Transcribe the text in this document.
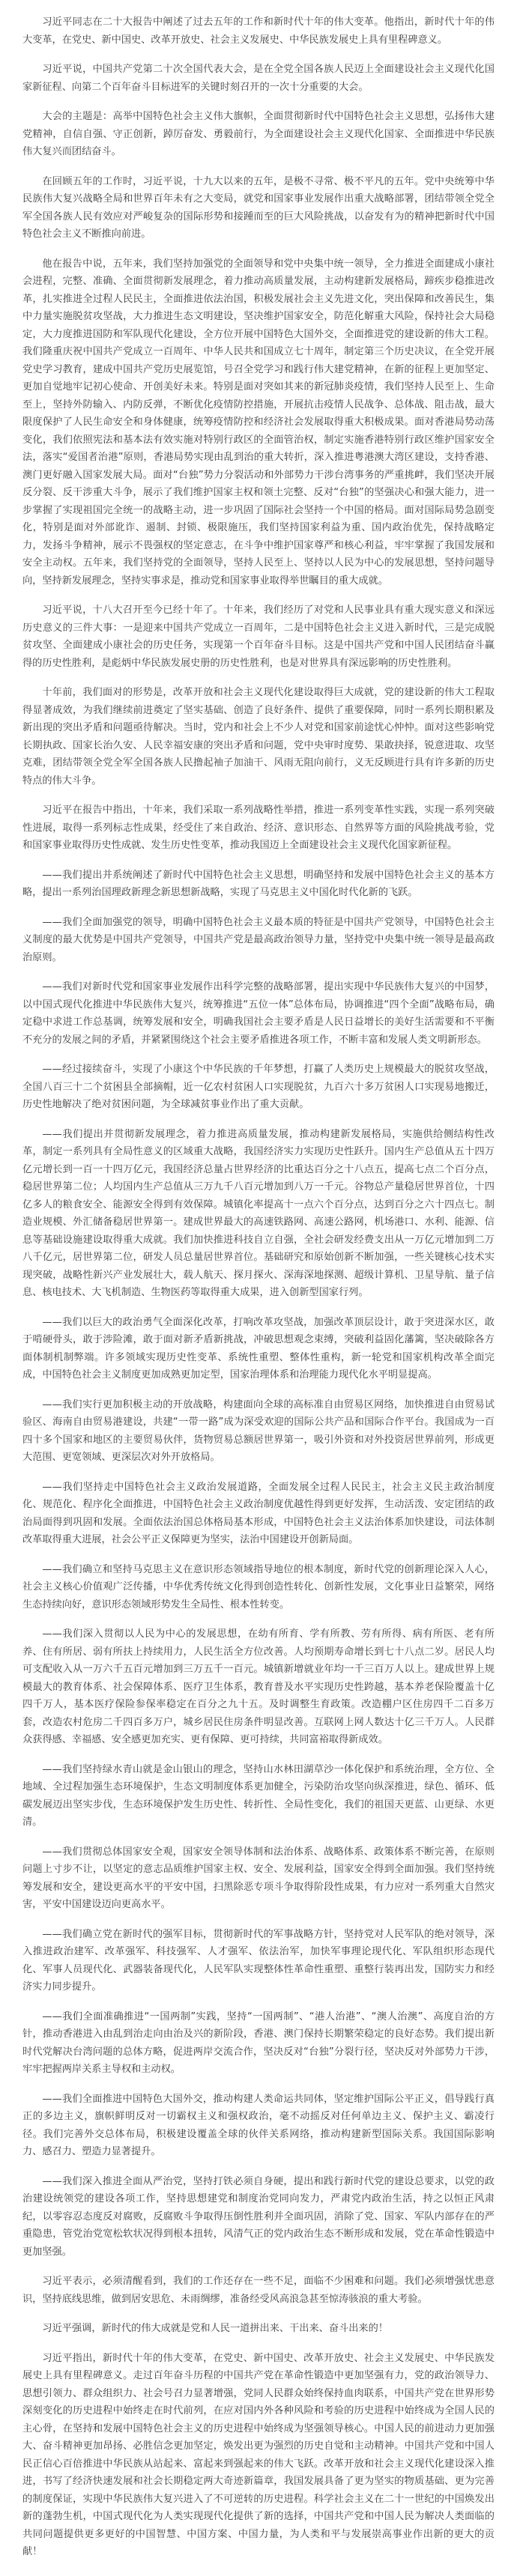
习近平同志在二十大报告中阐述了过去五年的工作和新时代十年的伟大变革。他指出，新时代十年的伟大变革，在党史、新中国史、改革开放史、社会主义发展史、中华民族发展史上具有里程碑意义。

习近平说，中国共产党第二十次全国代表大会，是在全党全国各族人民迈上全面建设社会主义现代化国家新征程、向第二个百年奋斗目标进军的关键时刻召开的一次十分重要的大会。

大会的主题是：高举中国特色社会主义伟大旗帜，全面贯彻新时代中国特色社会主义思想，弘扬伟大建党精神，自信自强、守正创新，踔厉奋发、勇毅前行，为全面建设社会主义现代化国家、全面推进中华民族伟大复兴而团结奋斗。

在回顾五年的工作时，习近平说，十九大以来的五年，是极不寻常、极不平凡的五年。党中央统筹中华民族伟大复兴战略全局和世界百年未有之大变局，就党和国家事业发展作出重大战略部署，团结带领全党全军全国各族人民有效应对严峻复杂的国际形势和接踵而至的巨大风险挑战，以奋发有为的精神把新时代中国特色社会主义不断推向前进。

他在报告中说，五年来，我们坚持加强党的全面领导和党中央集中统一领导，全力推进全面建成小康社会进程，完整、准确、全面贯彻新发展理念，着力推动高质量发展，主动构建新发展格局，蹄疾步稳推进改革，扎实推进全过程人民民主，全面推进依法治国，积极发展社会主义先进文化，突出保障和改善民生，集中力量实施脱贫攻坚战，大力推进生态文明建设，坚决维护国家安全，防范化解重大风险，保持社会大局稳定，大力度推进国防和军队现代化建设，全方位开展中国特色大国外交，全面推进党的建设新的伟大工程。我们隆重庆祝中国共产党成立一百周年、中华人民共和国成立七十周年，制定第三个历史决议，在全党开展党史学习教育，建成中国共产党历史展览馆，号召全党学习和践行伟大建党精神，在新的征程上更加坚定、更加自觉地牢记初心使命、开创美好未来。特别是面对突如其来的新冠肺炎疫情，我们坚持人民至上、生命至上，坚持外防输入、内防反弹，不断优化疫情防控措施，开展抗击疫情人民战争、总体战、阻击战，最大限度保护了人民生命安全和身体健康，统筹疫情防控和经济社会发展取得重大积极成果。面对香港局势动荡变化，我们依照宪法和基本法有效实施对特别行政区的全面管治权，制定实施香港特别行政区维护国家安全法，落实“爱国者治港”原则，香港局势实现由乱到治的重大转折，深入推进粤港澳大湾区建设，支持香港、澳门更好融入国家发展大局。面对“台独”势力分裂活动和外部势力干涉台湾事务的严重挑衅，我们坚决开展反分裂、反干涉重大斗争，展示了我们维护国家主权和领土完整、反对“台独”的坚强决心和强大能力，进一步掌握了实现祖国完全统一的战略主动，进一步巩固了国际社会坚持一个中国的格局。面对国际局势急剧变化，特别是面对外部讹诈、遏制、封锁、极限施压，我们坚持国家利益为重、国内政治优先，保持战略定力，发扬斗争精神，展示不畏强权的坚定意志，在斗争中维护国家尊严和核心利益，牢牢掌握了我国发展和安全主动权。五年来，我们坚持党的全面领导，坚持人民至上、坚持以人民为中心的发展思想，坚持问题导向，坚持新发展理念，坚持实事求是，推动党和国家事业取得举世瞩目的重大成就。

习近平说，十八大召开至今已经十年了。十年来，我们经历了对党和人民事业具有重大现实意义和深远历史意义的三件大事：一是迎来中国共产党成立一百周年，二是中国特色社会主义进入新时代，三是完成脱贫攻坚、全面建成小康社会的历史任务，实现第一个百年奋斗目标。这是中国共产党和中国人民团结奋斗赢得的历史性胜利，是彪炳中华民族发展史册的历史性胜利，也是对世界具有深远影响的历史性胜利。

十年前，我们面对的形势是，改革开放和社会主义现代化建设取得巨大成就，党的建设新的伟大工程取得显著成效，为我们继续前进奠定了坚实基础、创造了良好条件、提供了重要保障，同时一系列长期积累及新出现的突出矛盾和问题亟待解决。当时，党内和社会上不少人对党和国家前途忧心忡忡。面对这些影响党长期执政、国家长治久安、人民幸福安康的突出矛盾和问题，党中央审时度势、果敢抉择，锐意进取、攻坚克难，团结带领全党全军全国各族人民撸起袖子加油干、风雨无阻向前行，义无反顾进行具有许多新的历史特点的伟大斗争。

习近平在报告中指出，十年来，我们采取一系列战略性举措，推进一系列变革性实践，实现一系列突破性进展，取得一系列标志性成果，经受住了来自政治、经济、意识形态、自然界等方面的风险挑战考验，党和国家事业取得历史性成就、发生历史性变革，推动我国迈上全面建设社会主义现代化国家新征程。

——我们提出并系统阐述了新时代中国特色社会主义思想，明确坚持和发展中国特色社会主义的基本方略，提出一系列治国理政新理念新思想新战略，实现了马克思主义中国化时代化新的飞跃。

——我们全面加强党的领导，明确中国特色社会主义最本质的特征是中国共产党领导，中国特色社会主义制度的最大优势是中国共产党领导，中国共产党是最高政治领导力量，坚持党中央集中统一领导是最高政治原则。

——我们对新时代党和国家事业发展作出科学完整的战略部署，提出实现中华民族伟大复兴的中国梦，以中国式现代化推进中华民族伟大复兴，统筹推进“五位一体”总体布局，协调推进“四个全面”战略布局，确定稳中求进工作总基调，统筹发展和安全，明确我国社会主要矛盾是人民日益增长的美好生活需要和不平衡不充分的发展之间的矛盾，并紧紧围绕这个社会主要矛盾推进各项工作，不断丰富和发展人类文明新形态。

——经过接续奋斗，实现了小康这个中华民族的千年梦想，打赢了人类历史上规模最大的脱贫攻坚战，全国八百三十二个贫困县全部摘帽，近一亿农村贫困人口实现脱贫，九百六十多万贫困人口实现易地搬迁，历史性地解决了绝对贫困问题，为全球减贫事业作出了重大贡献。

——我们提出并贯彻新发展理念，着力推进高质量发展，推动构建新发展格局，实施供给侧结构性改革，制定一系列具有全局性意义的区域重大战略，我国经济实力实现历史性跃升。国内生产总值从五十四万亿元增长到一百一十四万亿元，我国经济总量占世界经济的比重达百分之十八点五，提高七点二个百分点，稳居世界第二位；人均国内生产总值从三万九千八百元增加到八万一千元。谷物总产量稳居世界首位，十四亿多人的粮食安全、能源安全得到有效保障。城镇化率提高十一点六个百分点，达到百分之六十四点七。制造业规模、外汇储备稳居世界第一。建成世界最大的高速铁路网、高速公路网，机场港口、水利、能源、信息等基础设施建设取得重大成就。我们加快推进科技自立自强，全社会研发经费支出从一万亿元增加到二万八千亿元，居世界第二位，研发人员总量居世界首位。基础研究和原始创新不断加强，一些关键核心技术实现突破，战略性新兴产业发展壮大，载人航天、探月探火、深海深地探测、超级计算机、卫星导航、量子信息、核电技术、大飞机制造、生物医药等取得重大成果，进入创新型国家行列。

——我们以巨大的政治勇气全面深化改革，打响改革攻坚战，加强改革顶层设计，敢于突进深水区，敢于啃硬骨头，敢于涉险滩，敢于面对新矛盾新挑战，冲破思想观念束缚，突破利益固化藩篱，坚决破除各方面体制机制弊端。许多领域实现历史性变革、系统性重塑、整体性重构，新一轮党和国家机构改革全面完成，中国特色社会主义制度更加成熟更加定型，国家治理体系和治理能力现代化水平明显提高。

——我们实行更加积极主动的开放战略，构建面向全球的高标准自由贸易区网络，加快推进自由贸易试验区、海南自由贸易港建设，共建“一带一路”成为深受欢迎的国际公共产品和国际合作平台。我国成为一百四十多个国家和地区的主要贸易伙伴，货物贸易总额居世界第一，吸引外资和对外投资居世界前列，形成更大范围、更宽领域、更深层次对外开放格局。

——我们坚持走中国特色社会主义政治发展道路，全面发展全过程人民民主，社会主义民主政治制度化、规范化、程序化全面推进，中国特色社会主义政治制度优越性得到更好发挥，生动活泼、安定团结的政治局面得到巩固和发展。全面依法治国总体格局基本形成，中国特色社会主义法治体系加快建设，司法体制改革取得重大进展，社会公平正义保障更为坚实，法治中国建设开创新局面。

——我们确立和坚持马克思主义在意识形态领域指导地位的根本制度，新时代党的创新理论深入人心，社会主义核心价值观广泛传播，中华优秀传统文化得到创造性转化、创新性发展，文化事业日益繁荣，网络生态持续向好，意识形态领域形势发生全局性、根本性转变。

——我们深入贯彻以人民为中心的发展思想，在幼有所育、学有所教、劳有所得、病有所医、老有所养、住有所居、弱有所扶上持续用力，人民生活全方位改善。人均预期寿命增长到七十八点二岁。居民人均可支配收入从一万六千五百元增加到三万五千一百元。城镇新增就业年均一千三百万人以上。建成世界上规模最大的教育体系、社会保障体系、医疗卫生体系，教育普及水平实现历史性跨越，基本养老保险覆盖十亿四千万人，基本医疗保险参保率稳定在百分之九十五。及时调整生育政策。改造棚户区住房四千二百多万套，改造农村危房二千四百多万户，城乡居民住房条件明显改善。互联网上网人数达十亿三千万人。人民群众获得感、幸福感、安全感更加充实、更有保障、更可持续，共同富裕取得新成效。

——我们坚持绿水青山就是金山银山的理念，坚持山水林田湖草沙一体化保护和系统治理，全方位、全地域、全过程加强生态环境保护，生态文明制度体系更加健全，污染防治攻坚向纵深推进，绿色、循环、低碳发展迈出坚实步伐，生态环境保护发生历史性、转折性、全局性变化，我们的祖国天更蓝、山更绿、水更清。

——我们贯彻总体国家安全观，国家安全领导体制和法治体系、战略体系、政策体系不断完善，在原则问题上寸步不让，以坚定的意志品质维护国家主权、安全、发展利益，国家安全得到全面加强。我们坚持统筹发展和安全，建设更高水平的平安中国，扫黑除恶专项斗争取得阶段性成果，有力应对一系列重大自然灾害，平安中国建设迈向更高水平。

——我们确立党在新时代的强军目标，贯彻新时代的军事战略方针，坚持党对人民军队的绝对领导，深入推进政治建军、改革强军、科技强军、人才强军、依法治军，加快军事理论现代化、军队组织形态现代化、军事人员现代化、武器装备现代化，人民军队实现整体性革命性重塑、重整行装再出发，国防实力和经济实力同步提升。

——我们全面准确推进“一国两制”实践，坚持“一国两制”、“港人治港”、“澳人治澳”、高度自治的方针，推动香港进入由乱到治走向由治及兴的新阶段，香港、澳门保持长期繁荣稳定的良好态势。我们提出新时代党解决台湾问题的总体方略，促进两岸交流合作，坚决反对“台独”分裂行径，坚决反对外部势力干涉，牢牢把握两岸关系主导权和主动权。

——我们全面推进中国特色大国外交，推动构建人类命运共同体，坚定维护国际公平正义，倡导践行真正的多边主义，旗帜鲜明反对一切霸权主义和强权政治，毫不动摇反对任何单边主义、保护主义、霸凌行径。我们完善外交总体布局，积极建设覆盖全球的伙伴关系网络，推动构建新型国际关系。我国国际影响力、感召力、塑造力显著提升。

——我们深入推进全面从严治党，坚持打铁必须自身硬，提出和践行新时代党的建设总要求，以党的政治建设统领党的建设各项工作，坚持思想建党和制度治党同向发力，严肃党内政治生活，持之以恒正风肃纪，以零容忍态度反对腐败，反腐败斗争取得压倒性胜利并全面巩固，消除了党、国家、军队内部存在的严重隐患，管党治党宽松软状况得到根本扭转，风清气正的党内政治生态不断形成和发展，党在革命性锻造中更加坚强。

习近平表示，必须清醒看到，我们的工作还存在一些不足，面临不少困难和问题。我们必须增强忧患意识，坚持底线思维，做到居安思危、未雨绸缪，准备经受风高浪急甚至惊涛骇浪的重大考验。

习近平强调，新时代的伟大成就是党和人民一道拼出来、干出来、奋斗出来的！

习近平指出，新时代十年的伟大变革，在党史、新中国史、改革开放史、社会主义发展史、中华民族发展史上具有里程碑意义。走过百年奋斗历程的中国共产党在革命性锻造中更加坚强有力，党的政治领导力、思想引领力、群众组织力、社会号召力显著增强，党同人民群众始终保持血肉联系，中国共产党在世界形势深刻变化的历史进程中始终走在时代前列，在应对国内外各种风险和考验的历史进程中始终成为全国人民的主心骨，在坚持和发展中国特色社会主义的历史进程中始终成为坚强领导核心。中国人民的前进动力更加强大、奋斗精神更加昂扬、必胜信念更加坚定，焕发出更为强烈的历史自觉和主动精神。中国共产党和中国人民正信心百倍推进中华民族从站起来、富起来到强起来的伟大飞跃。改革开放和社会主义现代化建设深入推进，书写了经济快速发展和社会长期稳定两大奇迹新篇章，我国发展具备了更为坚实的物质基础、更为完善的制度保证，实现中华民族伟大复兴进入了不可逆转的历史进程。科学社会主义在二十一世纪的中国焕发出新的蓬勃生机，中国式现代化为人类实现现代化提供了新的选择，中国共产党和中国人民为解决人类面临的共同问题提供更多更好的中国智慧、中国方案、中国力量，为人类和平与发展崇高事业作出新的更大的贡献！
